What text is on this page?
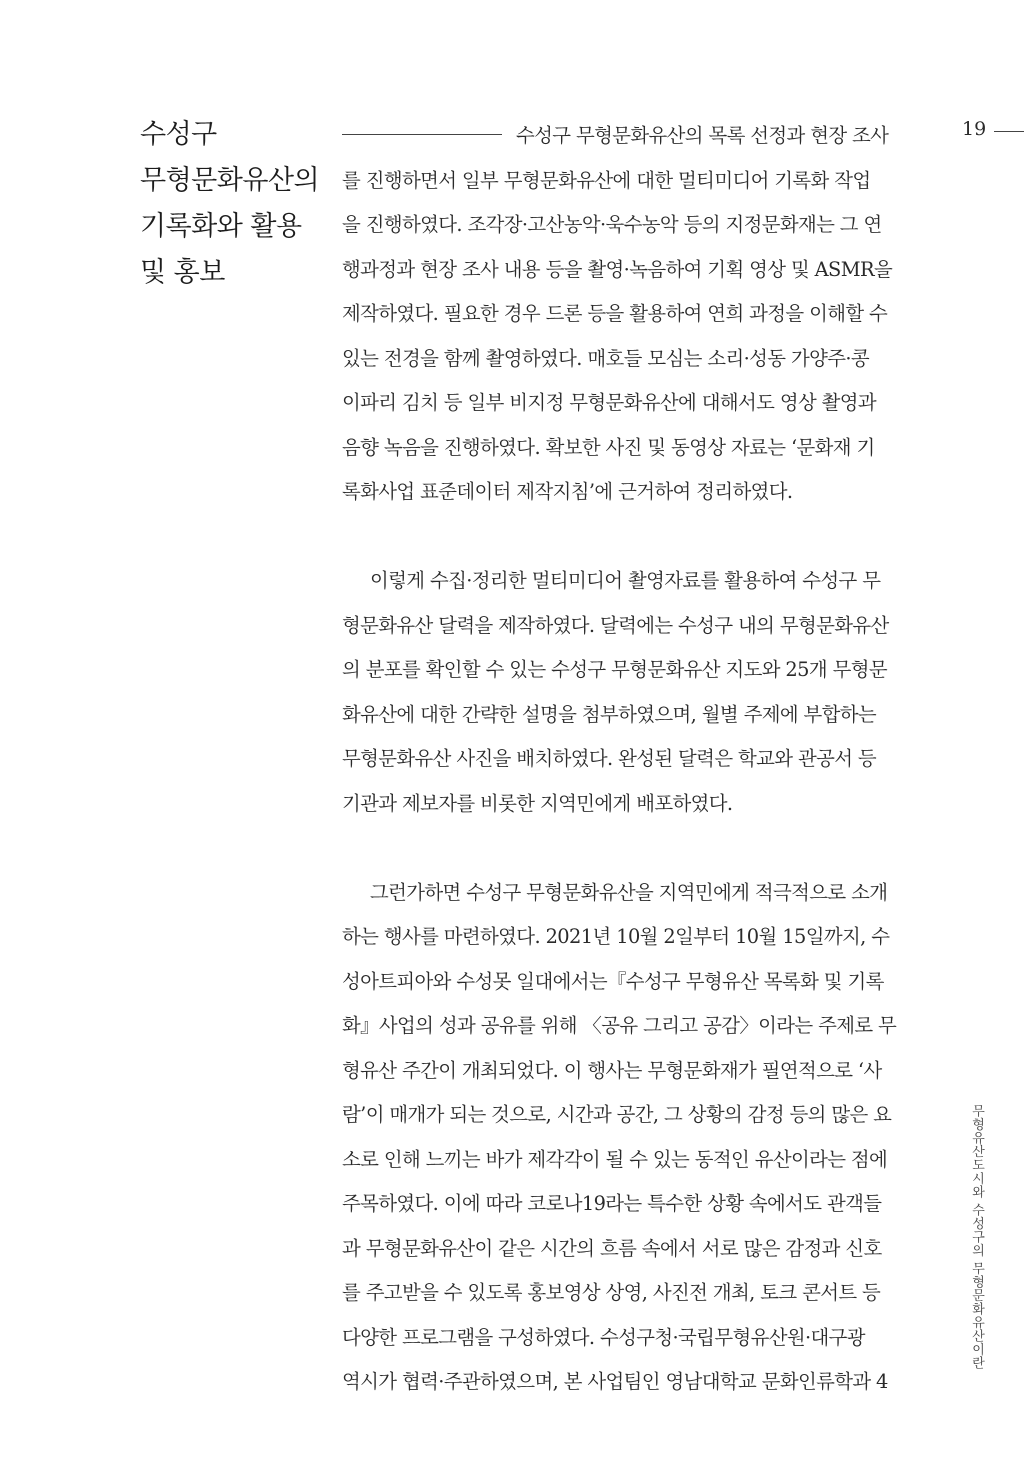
수성구
무형문화유산의
기록화와 활용
및 홍보
19

수성구 무형문화유산의 목록 선정과 현장 조사
를 진행하면서 일부 무형문화유산에 대한 멀티미디어 기록화 작업
을 진행하였다. 조각장·고산농악·욱수농악 등의 지정문화재는 그 연
행과정과 현장 조사 내용 등을 촬영·녹음하여 기획 영상 및 ASMR을
제작하였다. 필요한 경우 드론 등을 활용하여 연희 과정을 이해할 수
있는 전경을 함께 촬영하였다. 매호들 모심는 소리·성동 가양주·콩
이파리 김치 등 일부 비지정 무형문화유산에 대해서도 영상 촬영과
음향 녹음을 진행하였다. 확보한 사진 및 동영상 자료는 ‘문화재 기
록화사업 표준데이터 제작지침’에 근거하여 정리하였다.

이렇게 수집·정리한 멀티미디어 촬영자료를 활용하여 수성구 무
형문화유산 달력을 제작하였다. 달력에는 수성구 내의 무형문화유산
의 분포를 확인할 수 있는 수성구 무형문화유산 지도와 25개 무형문
화유산에 대한 간략한 설명을 첨부하였으며, 월별 주제에 부합하는
무형문화유산 사진을 배치하였다. 완성된 달력은 학교와 관공서 등
기관과 제보자를 비롯한 지역민에게 배포하였다.

그런가하면 수성구 무형문화유산을 지역민에게 적극적으로 소개
하는 행사를 마련하였다. 2021년 10월 2일부터 10월 15일까지, 수
성아트피아와 수성못 일대에서는『수성구 무형유산 목록화 및 기록
화』사업의 성과 공유를 위해 〈공유 그리고 공감〉이라는 주제로 무
형유산 주간이 개최되었다. 이 행사는 무형문화재가 필연적으로 ‘사
람’이 매개가 되는 것으로, 시간과 공간, 그 상황의 감정 등의 많은 요
소로 인해 느끼는 바가 제각각이 될 수 있는 동적인 유산이라는 점에
주목하였다. 이에 따라 코로나19라는 특수한 상황 속에서도 관객들
과 무형문화유산이 같은 시간의 흐름 속에서 서로 많은 감정과 신호
를 주고받을 수 있도록 홍보영상 상영, 사진전 개최, 토크 콘서트 등
다양한 프로그램을 구성하였다. 수성구청·국립무형유산원·대구광
역시가 협력·주관하였으며, 본 사업팀인 영남대학교 문화인류학과 4

무형유산도시와 수성구의 무형문화유산이란
